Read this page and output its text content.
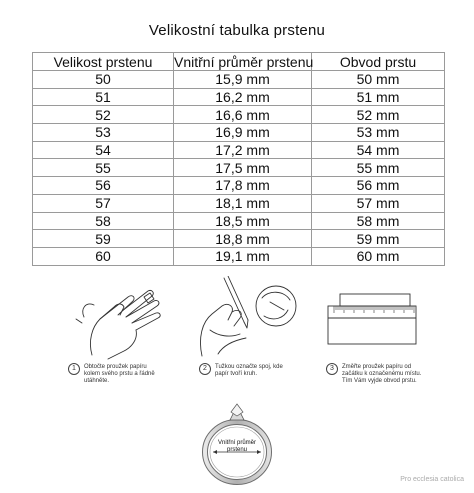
Velikostní tabulka prstenu
Velikost prstenu	Vnitřní průměr prstenu	Obvod prstu
50	15,9 mm	50 mm
51	16,2 mm	51 mm
52	16,6 mm	52 mm
53	16,9 mm	53 mm
54	17,2 mm	54 mm
55	17,5 mm	55 mm
56	17,8 mm	56 mm
57	18,1 mm	57 mm
58	18,5 mm	58 mm
59	18,8 mm	59 mm
60	19,1 mm	60 mm
1	Obtočte proužek papíru kolem svého prstu a řádně utáhněte.
2	Tužkou označte spoj, kde papír tvoří kruh.
3	Změřte proužek papíru od začátku k označenému místu. Tím Vám vyjde obvod prstu.
Vnitřní průměr prstenu
Pro ecclesia catolica
